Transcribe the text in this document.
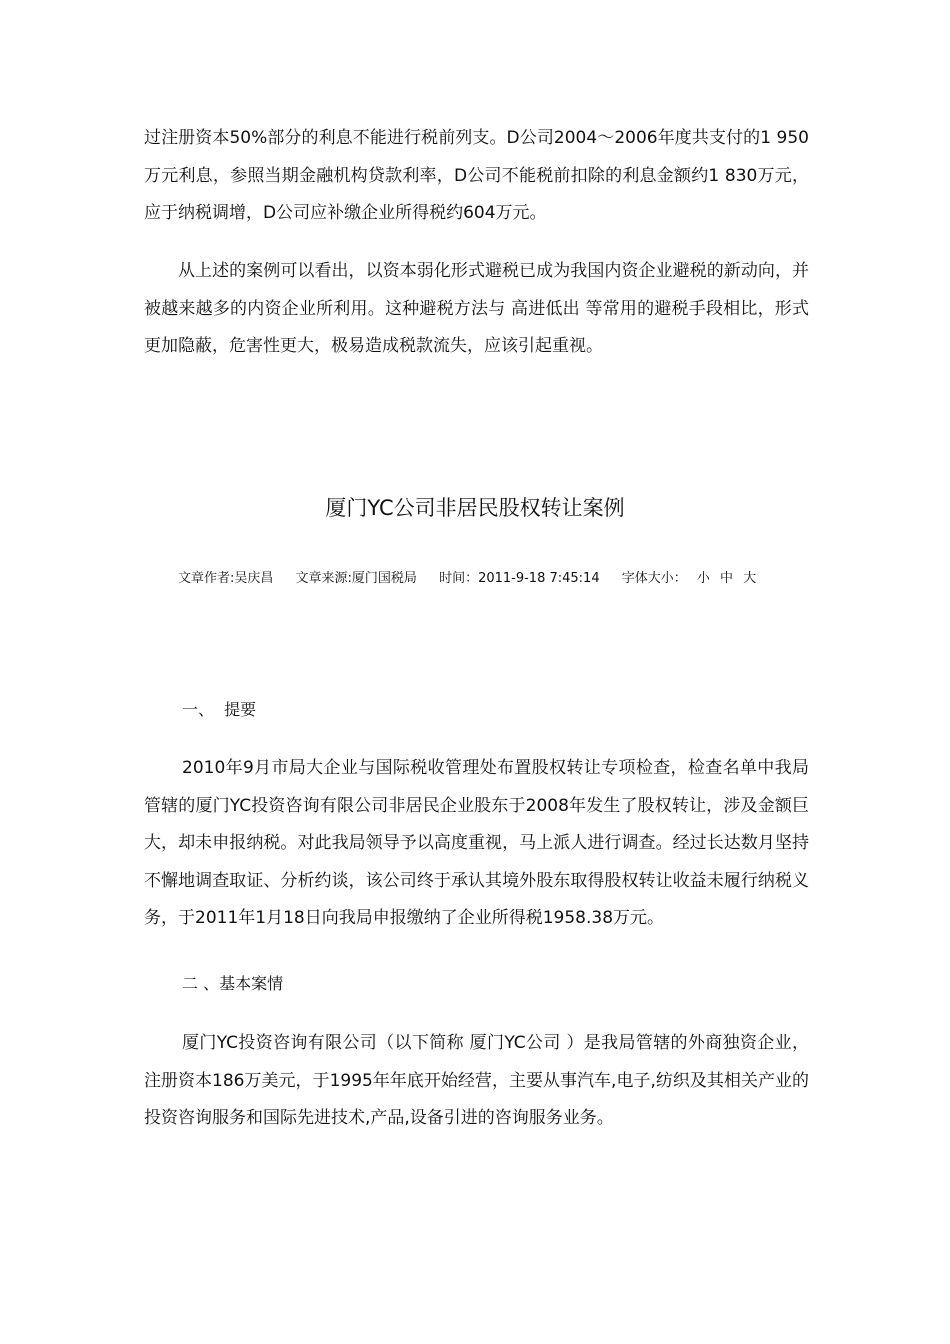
过注册资本50%部分的利息不能进行税前列支。D公司2004～2006年度共支付的1 950万元利息，参照当期金融机构贷款利率，D公司不能税前扣除的利息金额约1 830万元，应于纳税调增，D公司应补缴企业所得税约604万元。

从上述的案例可以看出，以资本弱化形式避税已成为我国内资企业避税的新动向，并被越来越多的内资企业所利用。这种避税方法与 高进低出 等常用的避税手段相比，形式更加隐蔽，危害性更大，极易造成税款流失，应该引起重视。

厦门YC公司非居民股权转让案例
文章作者:吴庆昌 文章来源:厦门国税局 时间：2011-9-18 7:45:14 字体大小： 小 中 大
一、  提要

2010年9月市局大企业与国际税收管理处布置股权转让专项检查，检查名单中我局管辖的厦门YC投资咨询有限公司非居民企业股东于2008年发生了股权转让，涉及金额巨大，却未申报纳税。对此我局领导予以高度重视，马上派人进行调查。经过长达数月坚持不懈地调查取证、分析约谈，该公司终于承认其境外股东取得股权转让收益未履行纳税义务，于2011年1月18日向我局申报缴纳了企业所得税1958.38万元。

二 、基本案情

厦门YC投资咨询有限公司（以下简称 厦门YC公司 ）是我局管辖的外商独资企业，注册资本186万美元，于1995年年底开始经营，主要从事汽车,电子,纺织及其相关产业的投资咨询服务和国际先进技术,产品,设备引进的咨询服务业务。
